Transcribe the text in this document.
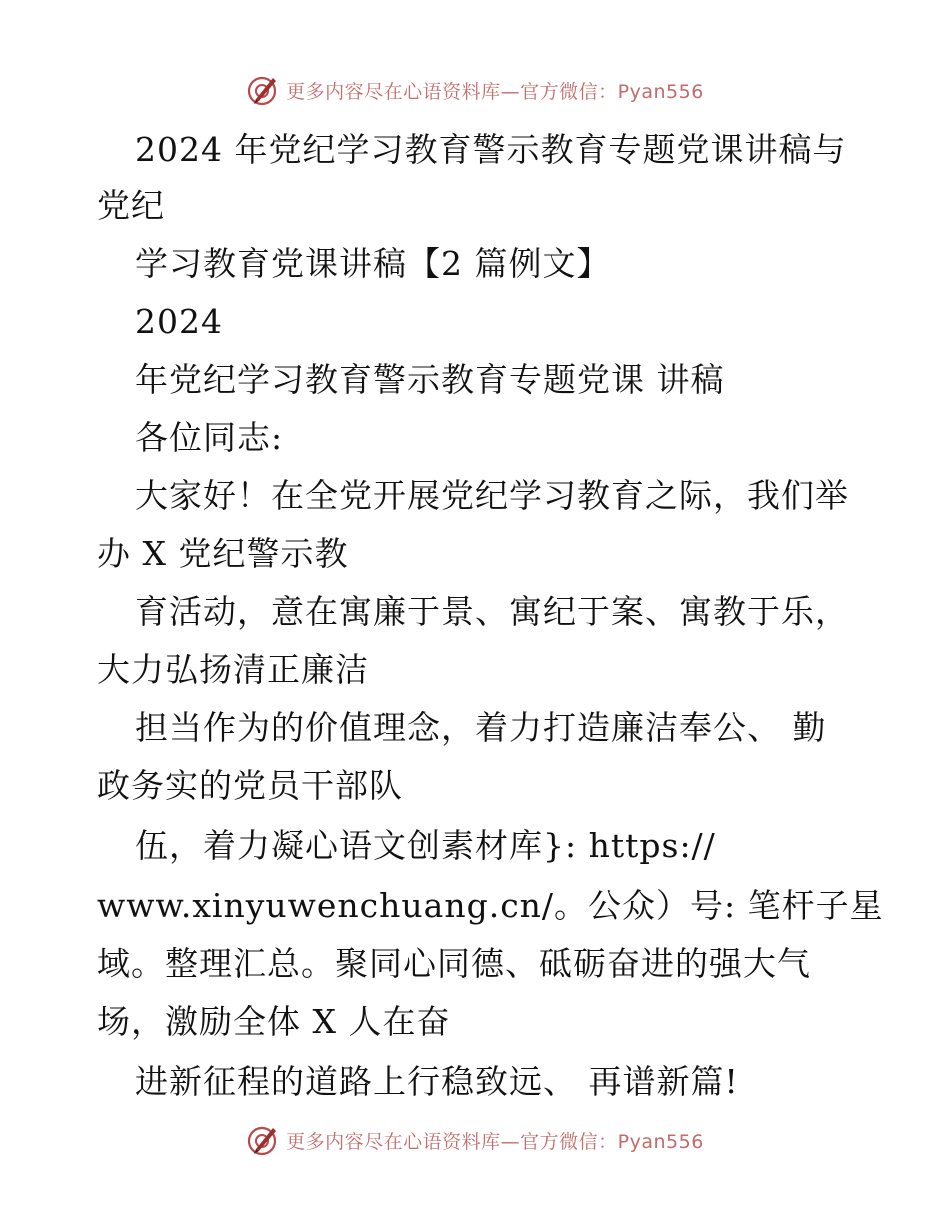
更多内容尽在心语资料库—官方微信：Pyan556
2024 年党纪学习教育警示教育专题党课讲稿与
党纪
学习教育党课讲稿【2 篇例文】
2024
年党纪学习教育警示教育专题党课 讲稿
各位同志:
大家好！在全党开展党纪学习教育之际，我们举
办 X 党纪警示教
育活动，意在寓廉于景、寓纪于案、寓教于乐，
大力弘扬清正廉洁
担当作为的价值理念，着力打造廉洁奉公、 勤
政务实的党员干部队
伍，着力凝心语文创素材库}: https://
www.xinyuwenchuang.cn/。公众）号: 笔杆子星
域。整理汇总。聚同心同德、砥砺奋进的强大气
场，激励全体 X 人在奋
进新征程的道路上行稳致远、 再谱新篇!
更多内容尽在心语资料库—官方微信：Pyan556
